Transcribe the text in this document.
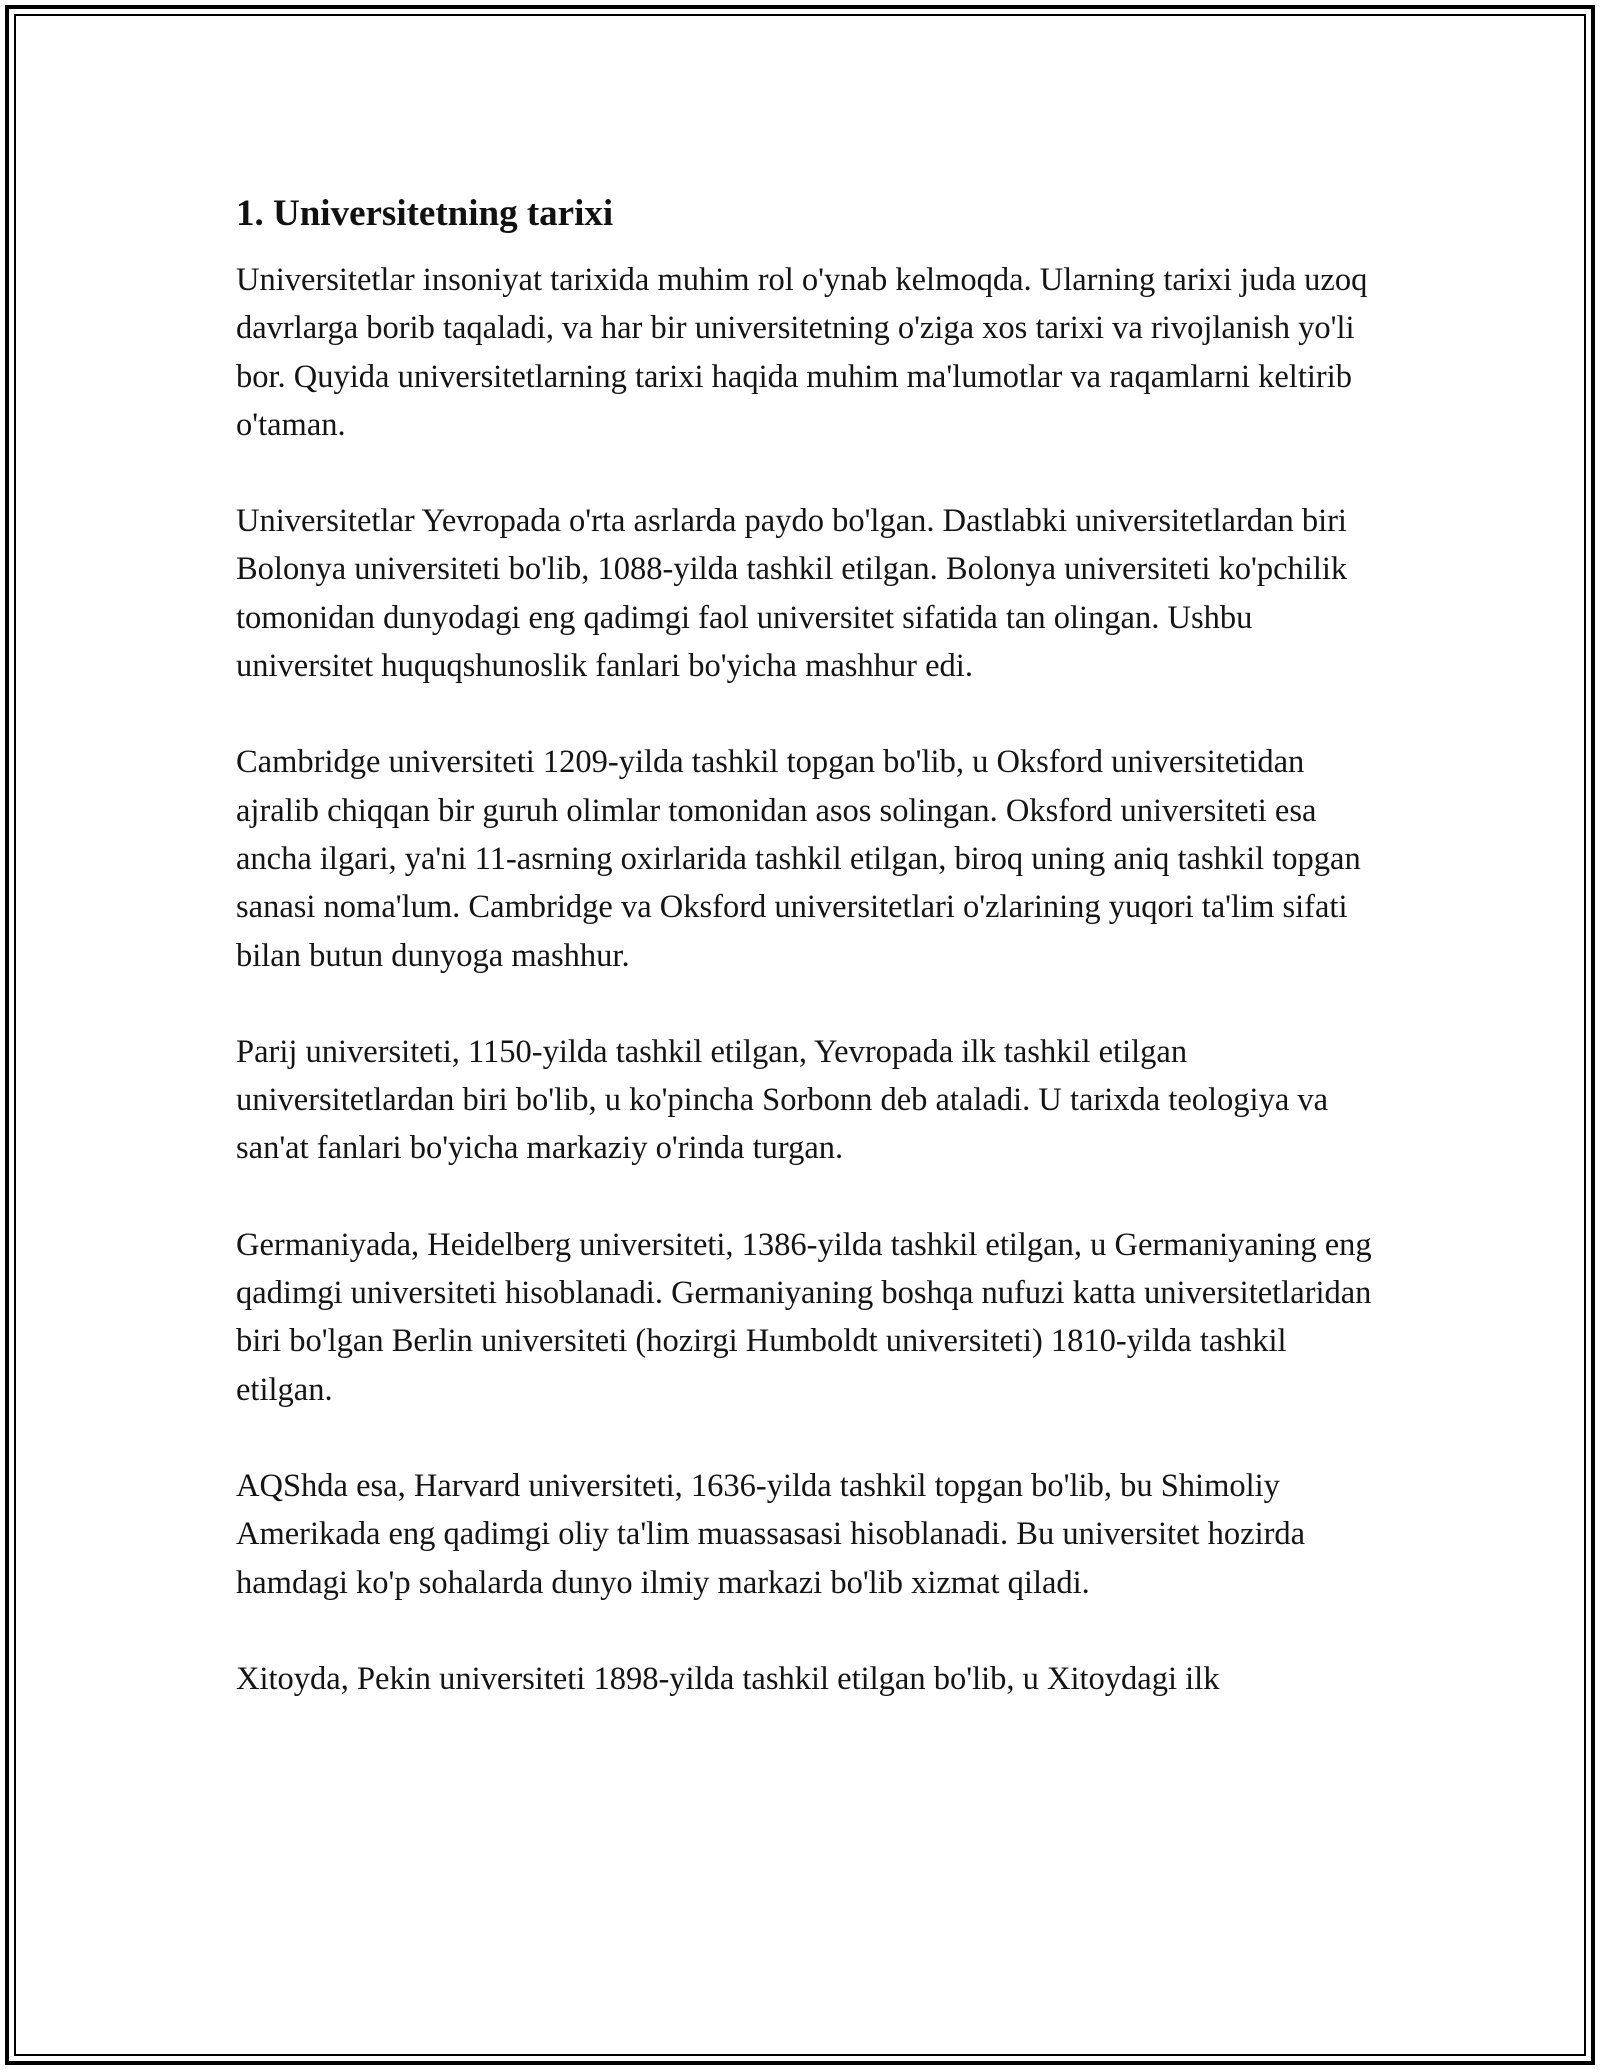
1. Universitetning tarixi

Universitetlar insoniyat tarixida muhim rol o'ynab kelmoqda. Ularning tarixi juda uzoq davrlarga borib taqaladi, va har bir universitetning o'ziga xos tarixi va rivojlanish yo'li bor. Quyida universitetlarning tarixi haqida muhim ma'lumotlar va raqamlarni keltirib o'taman.

Universitetlar Yevropada o'rta asrlarda paydo bo'lgan. Dastlabki universitetlardan biri Bolonya universiteti bo'lib, 1088-yilda tashkil etilgan. Bolonya universiteti ko'pchilik tomonidan dunyodagi eng qadimgi faol universitet sifatida tan olingan. Ushbu universitet huquqshunoslik fanlari bo'yicha mashhur edi.

Cambridge universiteti 1209-yilda tashkil topgan bo'lib, u Oksford universitetidan ajralib chiqqan bir guruh olimlar tomonidan asos solingan. Oksford universiteti esa ancha ilgari, ya'ni 11-asrning oxirlarida tashkil etilgan, biroq uning aniq tashkil topgan sanasi noma'lum. Cambridge va Oksford universitetlari o'zlarining yuqori ta'lim sifati bilan butun dunyoga mashhur.

Parij universiteti, 1150-yilda tashkil etilgan, Yevropada ilk tashkil etilgan universitetlardan biri bo'lib, u ko'pincha Sorbonn deb ataladi. U tarixda teologiya va san'at fanlari bo'yicha markaziy o'rinda turgan.

Germaniyada, Heidelberg universiteti, 1386-yilda tashkil etilgan, u Germaniyaning eng qadimgi universiteti hisoblanadi. Germaniyaning boshqa nufuzi katta universitetlaridan biri bo'lgan Berlin universiteti (hozirgi Humboldt universiteti) 1810-yilda tashkil etilgan.

AQShda esa, Harvard universiteti, 1636-yilda tashkil topgan bo'lib, bu Shimoliy Amerikada eng qadimgi oliy ta'lim muassasasi hisoblanadi. Bu universitet hozirda hamdagi ko'p sohalarda dunyo ilmiy markazi bo'lib xizmat qiladi.

Xitoyda, Pekin universiteti 1898-yilda tashkil etilgan bo'lib, u Xitoydagi ilk
